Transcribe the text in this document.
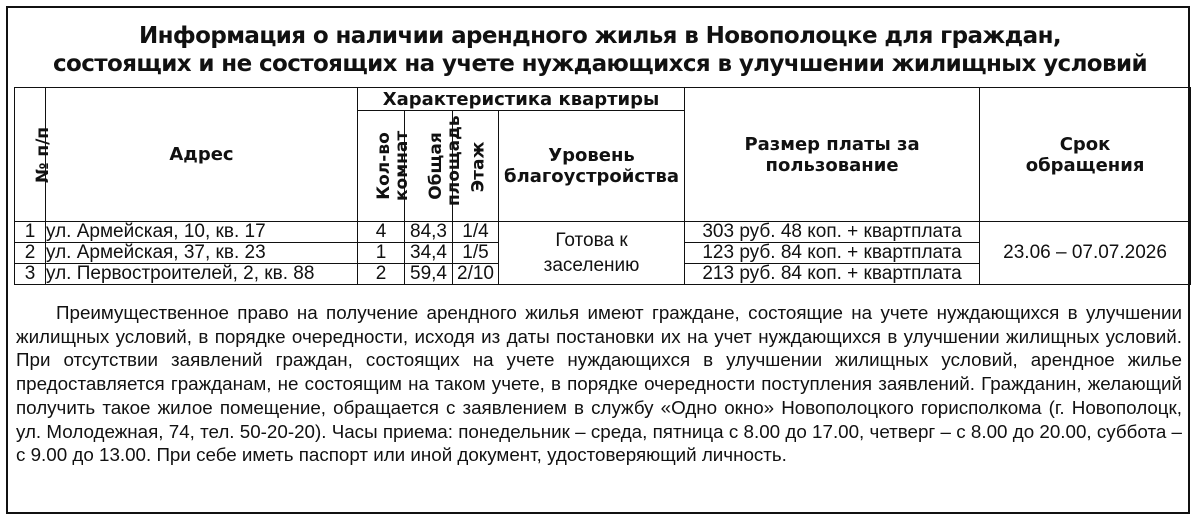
Информация о наличии арендного жилья в Новополоцке для граждан,
состоящих и не состоящих на учете нуждающихся в улучшении жилищных условий
№ п/п	Адрес	Характеристика квартиры				Размер платы за пользование	Срок обращения

		Кол-во комнат	Общая площадь	Этаж	Уровень благоустройства		

1	ул. Армейская, 10, кв. 17	4	84,3	1/4	Готова к заселению	303 руб. 48 коп. + квартплата	23.06 – 07.07.2026
2	ул. Армейская, 37, кв. 23	1	34,4	1/5		123 руб. 84 коп. + квартплата	
3	ул. Первостроителей, 2, кв. 88	2	59,4	2/10		213 руб. 84 коп. + квартплата	
Преимущественное право на получение арендного жилья имеют граждане, состоящие на учете нуждающихся в улучшении жилищных условий, в порядке очередности, исходя из даты постановки их на учет нуждающихся в улучшении жилищных условий. При отсутствии заявлений граждан, состоящих на учете нуждающихся в улучшении жилищных условий, арендное жилье предоставляется гражданам, не состоящим на таком учете, в порядке очередности поступления заявлений. Гражданин, желающий получить такое жилое помещение, обращается с заявлением в службу «Одно окно» Новополоцкого горисполкома (г. Новополоцк, ул. Молодежная, 74, тел. 50-20-20). Часы приема: понедельник – среда, пятница с 8.00 до 17.00, четверг – с 8.00 до 20.00, суббота – с 9.00 до 13.00. При себе иметь паспорт или иной документ, удостоверяющий личность.
